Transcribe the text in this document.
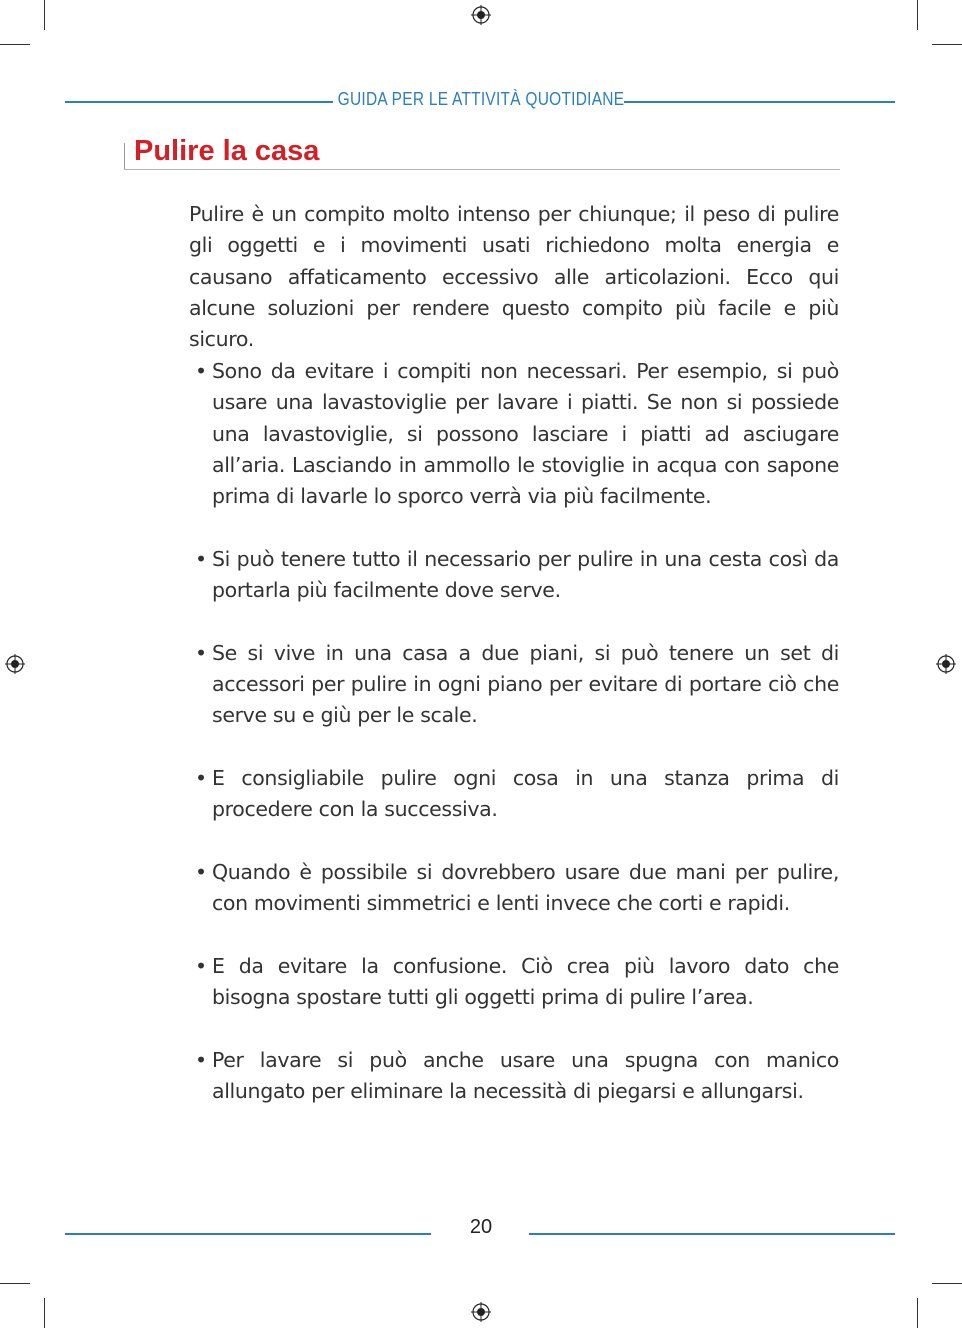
GUIDA PER LE ATTIVITÀ QUOTIDIANE
Pulire la casa

Pulire è un compito molto intenso per chiunque; il peso di pulire gli oggetti e i movimenti usati richiedono molta energia e causano affaticamento eccessivo alle articolazioni. Ecco qui alcune soluzioni per rendere questo compito più facile e più sicuro.

• Sono da evitare i compiti non necessari. Per esempio, si può usare una lavastoviglie per lavare i piatti. Se non si possiede una lavastoviglie, si possono lasciare i piatti ad asciugare all’aria. Lasciando in ammollo le stoviglie in acqua con sapone prima di lavarle lo sporco verrà via più facilmente.
• Si può tenere tutto il necessario per pulire in una cesta così da portarla più facilmente dove serve.
• Se si vive in una casa a due piani, si può tenere un set di accessori per pulire in ogni piano per evitare di portare ciò che serve su e giù per le scale.
• E consigliabile pulire ogni cosa in una stanza prima di procedere con la successiva.
• Quando è possibile si dovrebbero usare due mani per pulire, con movimenti simmetrici e lenti invece che corti e rapidi.
• E da evitare la confusione. Ciò crea più lavoro dato che bisogna spostare tutti gli oggetti prima di pulire l’area.
• Per lavare si può anche usare una spugna con manico allungato per eliminare la necessità di piegarsi e allungarsi.
20
